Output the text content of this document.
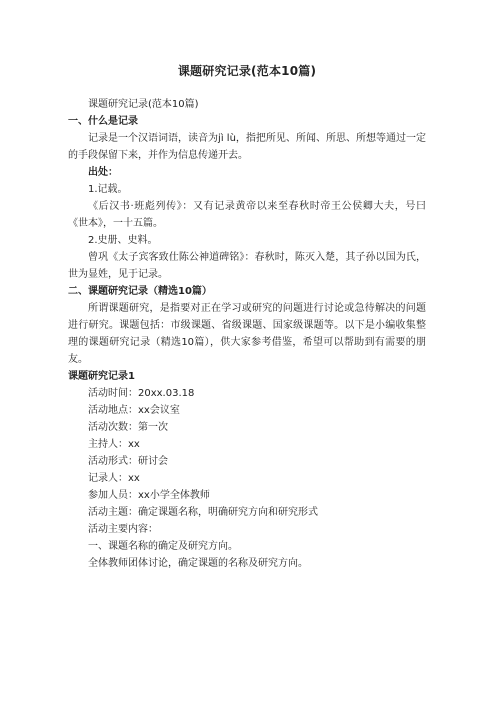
课题研究记录(范本10篇)

课题研究记录(范本10篇)

一、什么是记录

记录是一个汉语词语，读音为jì lù，指把所见、所闻、所思、所想等通过一定的手段保留下来，并作为信息传递开去。

出处：

1.记载。

《后汉书·班彪列传》：又有记录黄帝以来至春秋时帝王公侯卿大夫，号曰《世本》，一十五篇。

2.史册、史料。

曾巩《太子宾客致仕陈公神道碑铭》：春秋时，陈灭入楚，其子孙以国为氏，世为显姓，见于记录。

二、课题研究记录（精选10篇）

所谓课题研究，是指要对正在学习或研究的问题进行讨论或急待解决的问题进行研究。课题包括：市级课题、省级课题、国家级课题等。以下是小编收集整理的课题研究记录（精选10篇），供大家参考借鉴，希望可以帮助到有需要的朋友。

课题研究记录1

活动时间：20xx.03.18

活动地点：xx会议室

活动次数：第一次

主持人：xx

活动形式：研讨会

记录人：xx

参加人员：xx小学全体教师

活动主题：确定课题名称，明确研究方向和研究形式

活动主要内容：

一、课题名称的确定及研究方向。

全体教师团体讨论，确定课题的名称及研究方向。
